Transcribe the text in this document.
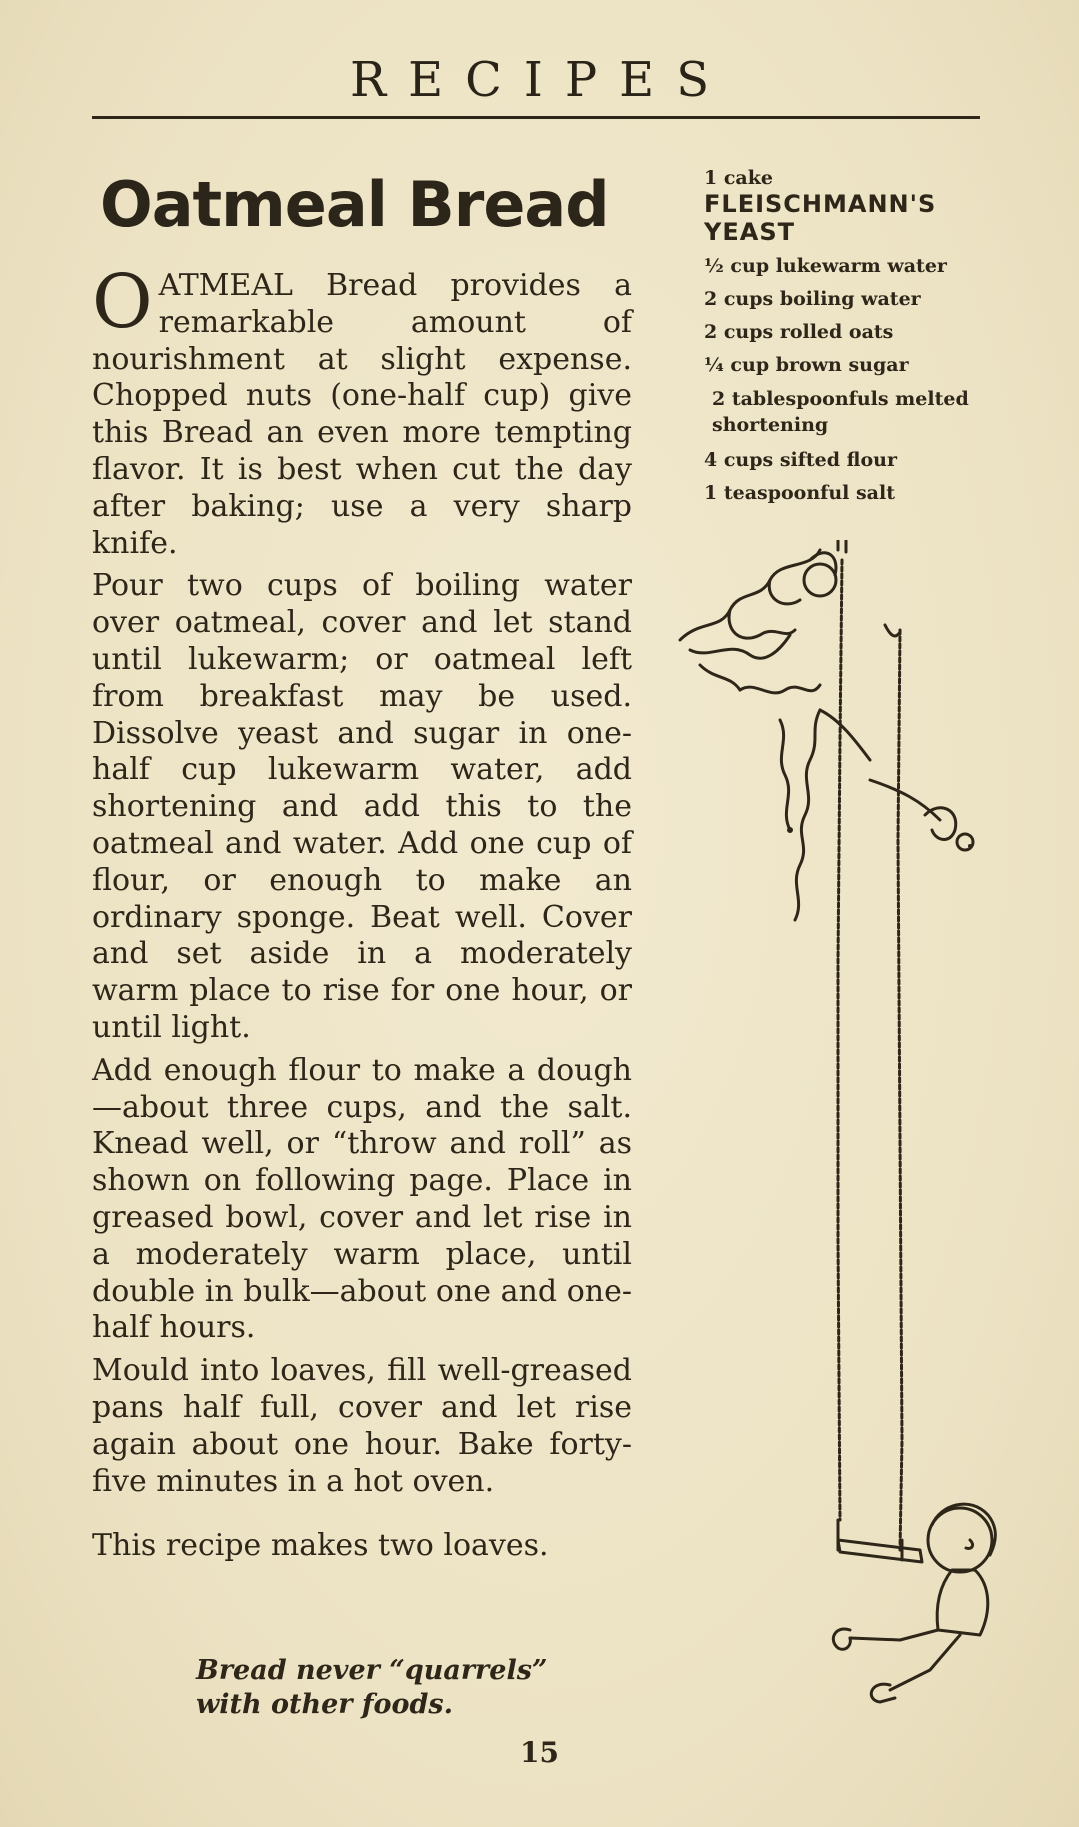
RECIPES
Oatmeal Bread

OATMEAL Bread provides a remarkable amount of nourishment at slight expense. Chopped nuts (one-half cup) give this Bread an even more tempting flavor. It is best when cut the day after baking; use a very sharp knife.

Pour two cups of boiling water over oatmeal, cover and let stand until lukewarm; or oatmeal left from breakfast may be used. Dissolve yeast and sugar in one-half cup lukewarm water, add shortening and add this to the oatmeal and water. Add one cup of flour, or enough to make an ordinary sponge. Beat well. Cover and set aside in a moderately warm place to rise for one hour, or until light.

Add enough flour to make a dough—about three cups, and the salt. Knead well, or “throw and roll” as shown on following page. Place in greased bowl, cover and let rise in a moderately warm place, until double in bulk—about one and one-half hours.

Mould into loaves, fill well-greased pans half full, cover and let rise again about one hour. Bake forty-five minutes in a hot oven.

This recipe makes two loaves.

1 cake
FLEISCHMANN'S
YEAST
½ cup lukewarm water
2 cups boiling water
2 cups rolled oats
¼ cup brown sugar
2 tablespoonfuls melted shortening
4 cups sifted flour
1 teaspoonful salt
Bread never “quarrels”
with other foods.
15
